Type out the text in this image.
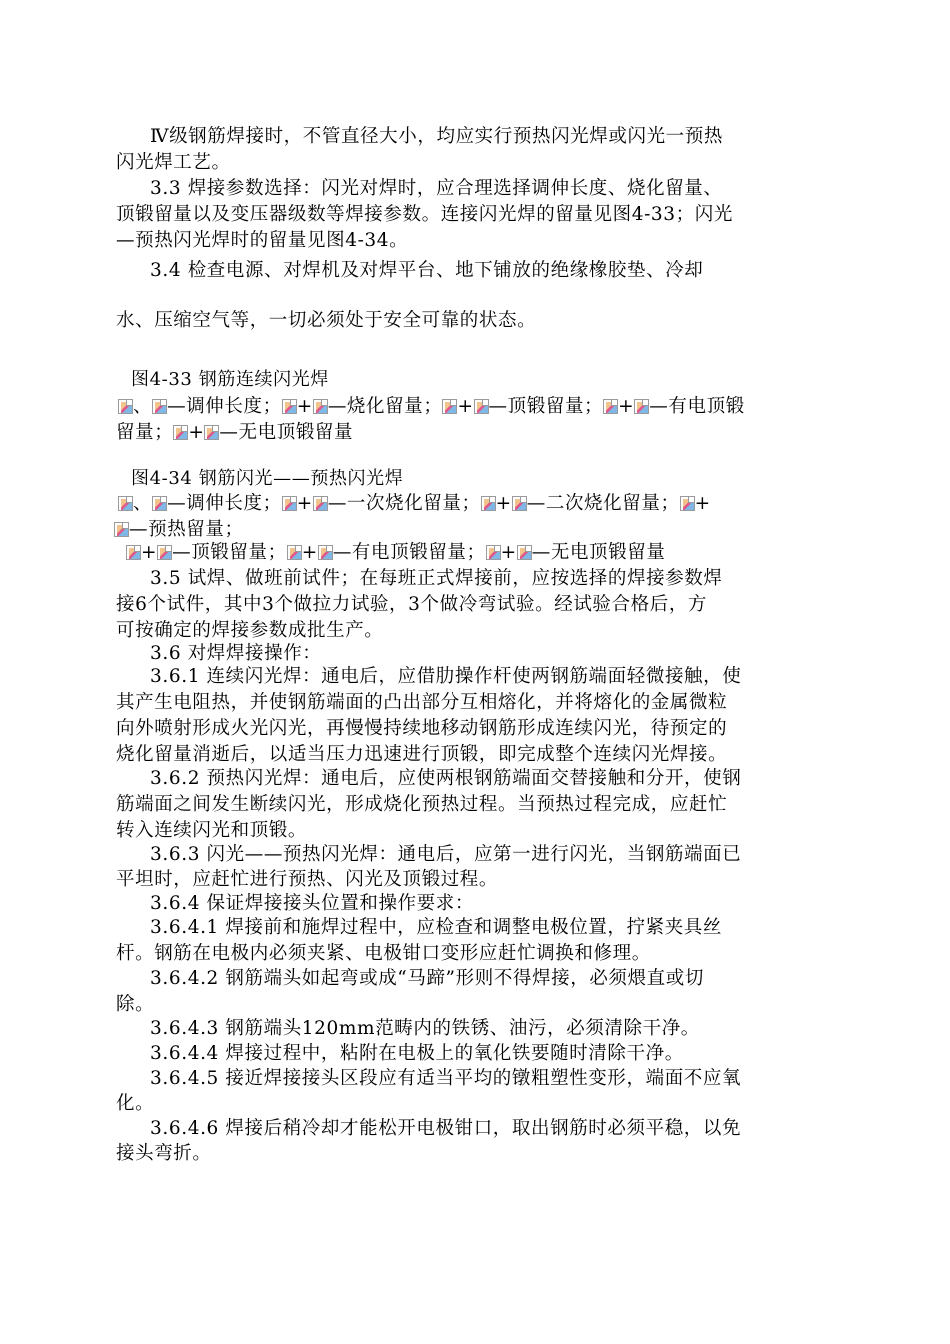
Ⅳ级钢筋焊接时，不管直径大小，均应实行预热闪光焊或闪光一预热
闪光焊工艺。
3.3 焊接参数选择：闪光对焊时，应合理选择调伸长度、烧化留量、
顶锻留量以及变压器级数等焊接参数。连接闪光焊的留量见图4-33；闪光
—预热闪光焊时的留量见图4-34。
3.4 检查电源、对焊机及对焊平台、地下铺放的绝缘橡胶垫、冷却
水、压缩空气等，一切必须处于安全可靠的状态。
图4-33 钢筋连续闪光焊
、 —调伸长度； + —烧化留量； + —顶锻留量； + —有电顶锻
留量； + —无电顶锻留量
图4-34 钢筋闪光——预热闪光焊
、 —调伸长度； + —一次烧化留量； + —二次烧化留量； +
—预热留量；
+ —顶锻留量； + —有电顶锻留量； + —无电顶锻留量
3.5 试焊、做班前试件；在每班正式焊接前，应按选择的焊接参数焊
接6个试件，其中3个做拉力试验，3个做冷弯试验。经试验合格后，方
可按确定的焊接参数成批生产。
3.6 对焊焊接操作：
3.6.1 连续闪光焊：通电后，应借肋操作杆使两钢筋端面轻微接触，使
其产生电阻热，并使钢筋端面的凸出部分互相熔化，并将熔化的金属微粒
向外喷射形成火光闪光，再慢慢持续地移动钢筋形成连续闪光，待预定的
烧化留量消逝后，以适当压力迅速进行顶锻，即完成整个连续闪光焊接。
3.6.2 预热闪光焊：通电后，应使两根钢筋端面交替接触和分开，使钢
筋端面之间发生断续闪光，形成烧化预热过程。当预热过程完成，应赶忙
转入连续闪光和顶锻。
3.6.3 闪光——预热闪光焊：通电后，应第一进行闪光，当钢筋端面已
平坦时，应赶忙进行预热、闪光及顶锻过程。
3.6.4 保证焊接接头位置和操作要求：
3.6.4.1 焊接前和施焊过程中，应检查和调整电极位置，拧紧夹具丝
杆。钢筋在电极内必须夹紧、电极钳口变形应赶忙调换和修理。
3.6.4.2 钢筋端头如起弯或成“马蹄”形则不得焊接，必须煨直或切
除。
3.6.4.3 钢筋端头120mm范畴内的铁锈、油污，必须清除干净。
3.6.4.4 焊接过程中，粘附在电极上的氧化铁要随时清除干净。
3.6.4.5 接近焊接接头区段应有适当平均的镦粗塑性变形，端面不应氧
化。
3.6.4.6 焊接后稍冷却才能松开电极钳口，取出钢筋时必须平稳，以免
接头弯折。
